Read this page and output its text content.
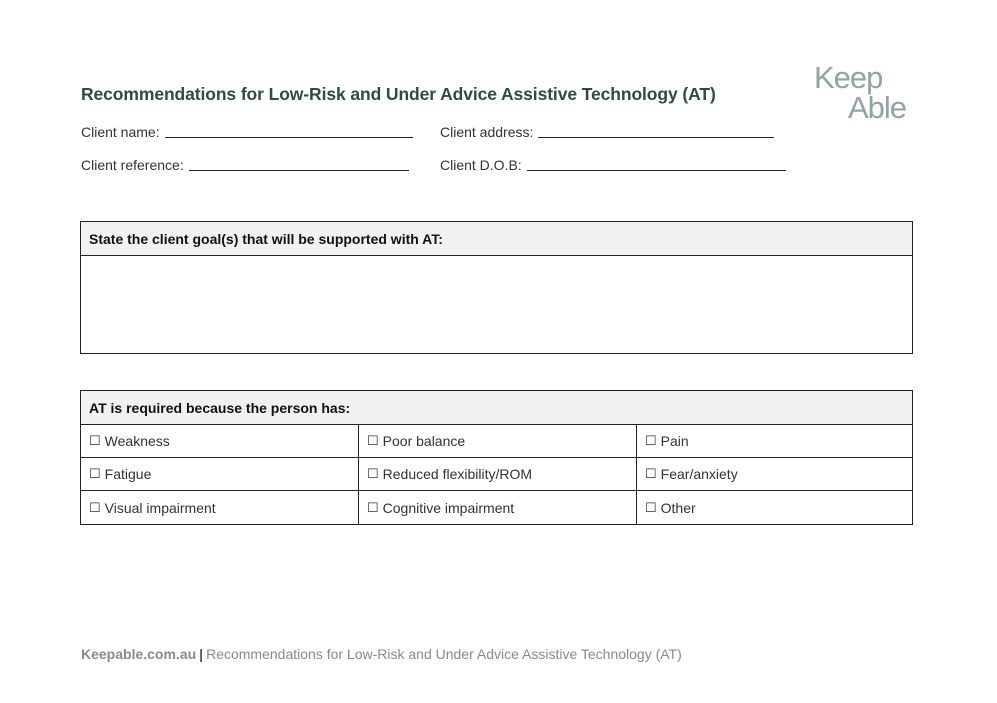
Recommendations for Low-Risk and Under Advice Assistive Technology (AT)	Keep
Able
Client name:	Client address:
Client reference:	Client D.O.B:
State the client goal(s) that will be supported with AT:
AT is required because the person has:
☐ Weakness	☐ Poor balance	☐ Pain
☐ Fatigue	☐ Reduced flexibility/ROM	☐ Fear/anxiety
☐ Visual impairment	☐ Cognitive impairment	☐ Other
Keepable.com.au | Recommendations for Low-Risk and Under Advice Assistive Technology (AT)
